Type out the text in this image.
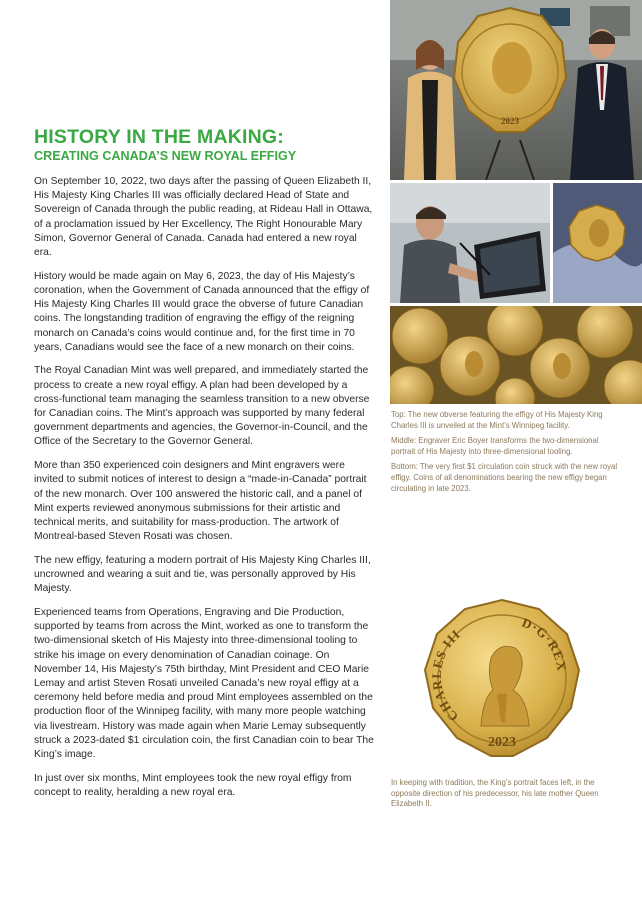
HISTORY IN THE MAKING:
CREATING CANADA’S NEW ROYAL EFFIGY

On September 10, 2022, two days after the passing of Queen Elizabeth II, His Majesty King Charles III was officially declared Head of State and Sovereign of Canada through the public reading, at Rideau Hall in Ottawa, of a proclamation issued by Her Excellency, The Right Honourable Mary Simon, Governor General of Canada. Canada had entered a new royal era.

History would be made again on May 6, 2023, the day of His Majesty’s coronation, when the Government of Canada announced that the effigy of His Majesty King Charles III would grace the obverse of future Canadian coins. The longstanding tradition of engraving the effigy of the reigning monarch on Canada’s coins would continue and, for the first time in 70 years, Canadians would see the face of a new monarch on their coins.

The Royal Canadian Mint was well prepared, and immediately started the process to create a new royal effigy. A plan had been developed by a cross-functional team managing the seamless transition to a new obverse for Canadian coins. The Mint’s approach was supported by many federal government departments and agencies, the Governor-in-Council, and the Office of the Secretary to the Governor General.

More than 350 experienced coin designers and Mint engravers were invited to submit notices of interest to design a “made-in-Canada” portrait of the new monarch. Over 100 answered the historic call, and a panel of Mint experts reviewed anonymous submissions for their artistic and technical merits, and suitability for mass-production. The artwork of Montreal-based Steven Rosati was chosen.

The new effigy, featuring a modern portrait of His Majesty King Charles III, uncrowned and wearing a suit and tie, was personally approved by His Majesty.

Experienced teams from Operations, Engraving and Die Production, supported by teams from across the Mint, worked as one to transform the two-dimensional sketch of His Majesty into three-dimensional tooling to strike his image on every denomination of Canadian coinage. On November 14, His Majesty’s 75th birthday, Mint President and CEO Marie Lemay and artist Steven Rosati unveiled Canada’s new royal effigy at a ceremony held before media and proud Mint employees assembled on the production floor of the Winnipeg facility, with many more people watching via livestream. History was made again when Marie Lemay subsequently struck a 2023-dated $1 circulation coin, the first Canadian coin to bear The King’s image.

In just over six months, Mint employees took the new royal effigy from concept to reality, heralding a new royal era.

2023

Top: The new obverse featuring the effigy of His Majesty King Charles III is unveiled at the Mint’s Winnipeg facility.

Middle: Engraver Eric Boyer transforms the two-dimensional portrait of His Majesty into three-dimensional tooling.

Bottom: The very first $1 circulation coin struck with the new royal effigy. Coins of all denominations bearing the new effigy began circulating in late 2023.

CHARLES III
D·G·REX
2023

In keeping with tradition, the King’s portrait faces left, in the opposite direction of his predecessor, his late mother Queen Elizabeth II.
